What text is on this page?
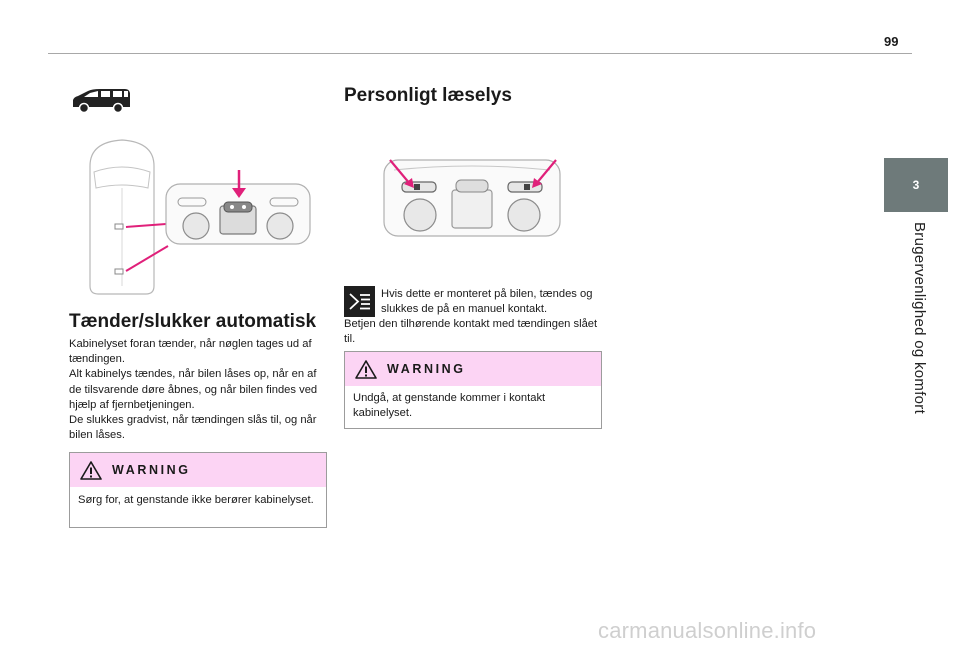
99
3
Brugervenlighed og komfort
Tænder/slukker automatisk

Kabinelyset foran tænder, når nøglen tages ud af tændingen.

Alt kabinelys tændes, når bilen låses op, når en af de tilsvarende døre åbnes, og når bilen findes ved hjælp af fjernbetjeningen.

De slukkes gradvist, når tændingen slås til, og når bilen låses.

WARNING
Sørg for, at genstande ikke berører kabinelyset.
Personligt læselys
Hvis dette er monteret på bilen, tændes og slukkes de på en manuel kontakt.
Betjen den tilhørende kontakt med tændingen slået til.
WARNING
Undgå, at genstande kommer i kontakt kabinelyset.
carmanualsonline.info
